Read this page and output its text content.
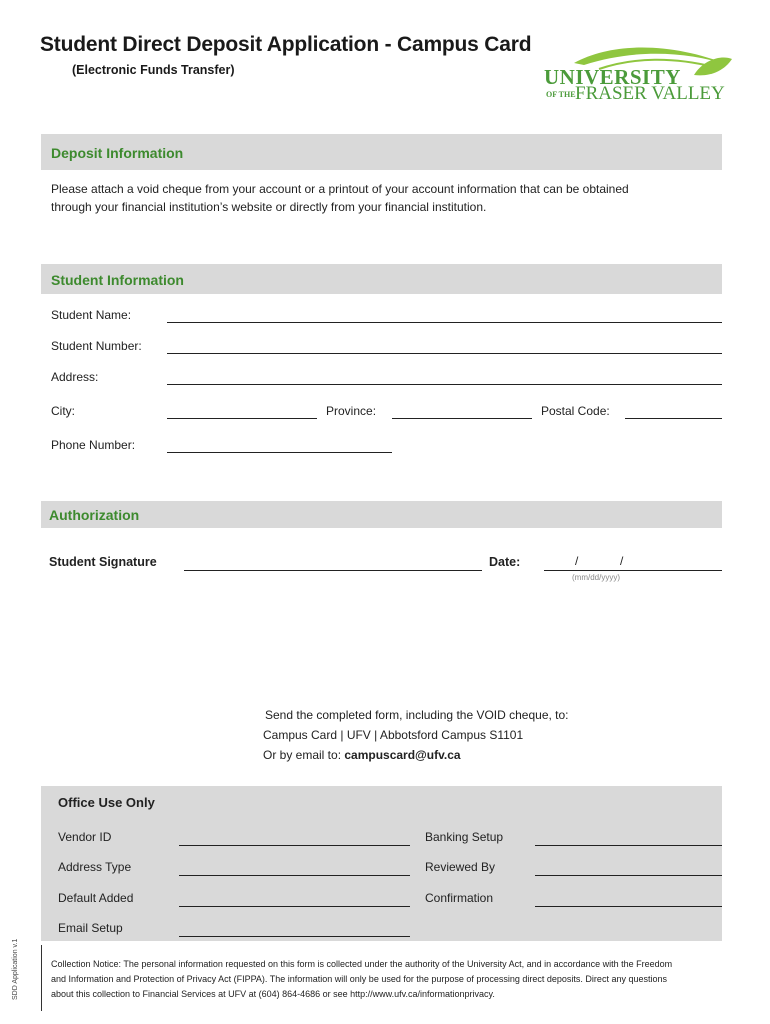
Student Direct Deposit Application - Campus Card
(Electronic Funds Transfer)	UNIVERSITY
OF THE FRASER VALLEY
Deposit Information
Please attach a void cheque from your account or a printout of your account information that can be obtained
through your financial institution’s website or directly from your financial institution.
Student Information
Student Name:
Student Number:
Address:
City:	Province:	Postal Code:
Phone Number:
Authorization
Student Signature	Date:	/	/
(mm/dd/yyyy)
Send the completed form, including the VOID cheque, to:
Campus Card | UFV | Abbotsford Campus S1101
Or by email to: campuscard@ufv.ca
Office Use Only
Vendor ID	Banking Setup
Address Type	Reviewed By
Default Added	Confirmation
Email Setup
Collection Notice: The personal information requested on this form is collected under the authority of the University Act, and in accordance with the Freedom
and Information and Protection of Privacy Act (FIPPA). The information will only be used for the purpose of processing direct deposits. Direct any questions
about this collection to Financial Services at UFV at (604) 864-4686 or see http://www.ufv.ca/informationprivacy.
SDD Application v.1
